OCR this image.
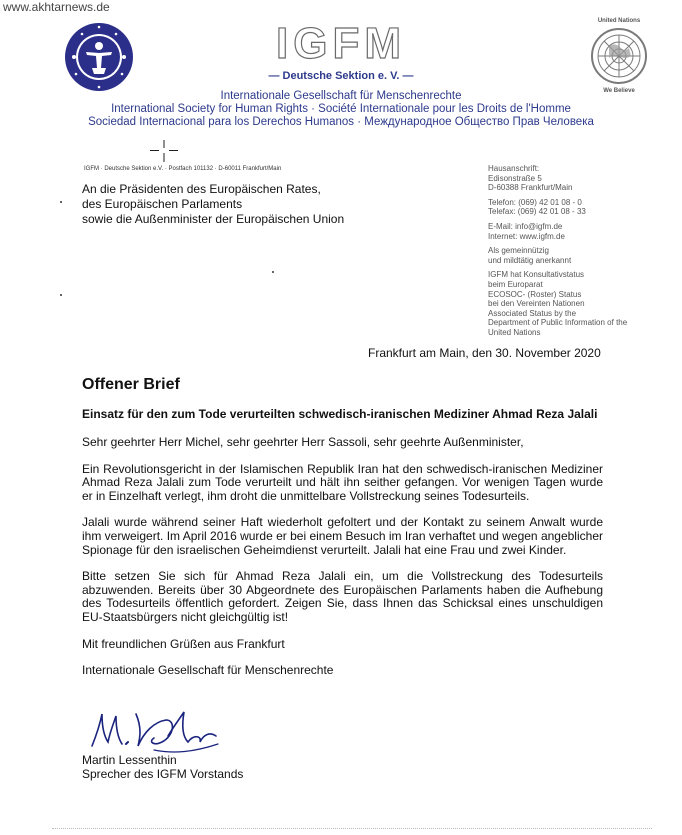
www.akhtarnews.de
IGFM
— Deutsche Sektion e. V. —
United Nations
We Believe
Internationale Gesellschaft für Menschenrechte
International Society for Human Rights · Société Internationale pour les Droits de l'Homme
Sociedad Internacional para los Derechos Humanos · Международное Общество Прав Человека
IGFM · Deutsche Sektion e.V. · Postfach 101132 · D-60011 Frankfurt/Main
An die Präsidenten des Europäischen Rates,
des Europäischen Parlaments
sowie die Außenminister der Europäischen Union
Hausanschrift:
Edisonstraße 5
D-60388 Frankfurt/Main
Telefon: (069) 42 01 08 - 0
Telefax: (069) 42 01 08 - 33
E-Mail: info@igfm.de
Internet: www.igfm.de
Als gemeinnützig
und mildtätig anerkannt
IGFM hat Konsultativstatus
beim Europarat
ECOSOC- (Roster) Status
bei den Vereinten Nationen
Associated Status by the
Department of Public Information of the
United Nations
Frankfurt am Main, den 30. November 2020
Offener Brief
Einsatz für den zum Tode verurteilten schwedisch-iranischen Mediziner Ahmad Reza Jalali

Sehr geehrter Herr Michel, sehr geehrter Herr Sassoli, sehr geehrte Außenminister,

Ein Revolutionsgericht in der Islamischen Republik Iran hat den schwedisch-iranischen Mediziner Ahmad Reza Jalali zum Tode verurteilt und hält ihn seither gefangen. Vor wenigen Tagen wurde er in Einzelhaft verlegt, ihm droht die unmittelbare Vollstreckung seines Todesurteils.

Jalali wurde während seiner Haft wiederholt gefoltert und der Kontakt zu seinem Anwalt wurde ihm verweigert. Im April 2016 wurde er bei einem Besuch im Iran verhaftet und wegen angeblicher Spionage für den israelischen Geheimdienst verurteilt. Jalali hat eine Frau und zwei Kinder.

Bitte setzen Sie sich für Ahmad Reza Jalali ein, um die Vollstreckung des Todesurteils abzuwenden. Bereits über 30 Abgeordnete des Europäischen Parlaments haben die Aufhebung des Todesurteils öffentlich gefordert. Zeigen Sie, dass Ihnen das Schicksal eines unschuldigen EU-Staatsbürgers nicht gleichgültig ist!

Mit freundlichen Grüßen aus Frankfurt

Internationale Gesellschaft für Menschenrechte

Martin Lessenthin
Sprecher des IGFM Vorstands
